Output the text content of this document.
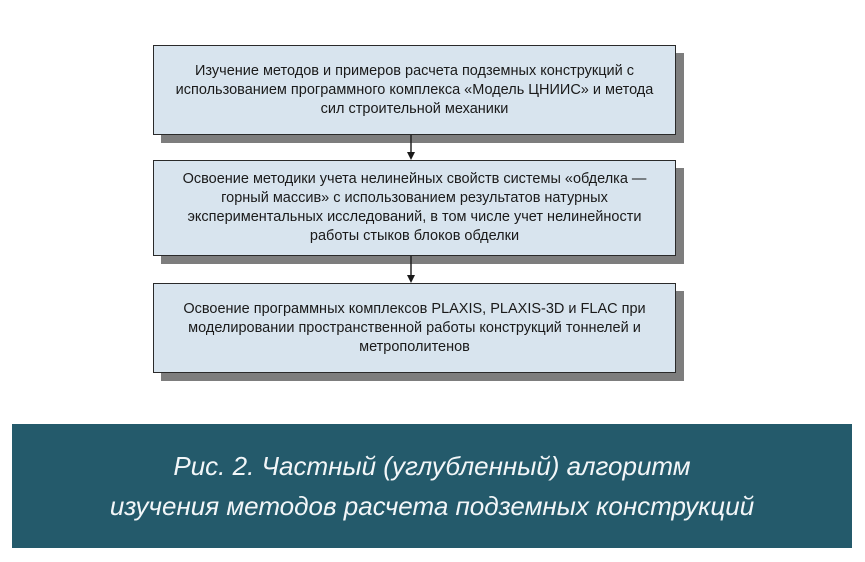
Изучение методов и примеров расчета подземных конструкций с использованием программного комплекса «Модель ЦНИИС» и метода сил строительной механики
Освоение методики учета нелинейных свойств системы «обделка — горный массив» с использованием результатов натурных экспериментальных исследований, в том числе учет нелинейности работы стыков блоков обделки
Освоение программных комплексов PLAXIS, PLAXIS-3D и FLAC при моделировании пространственной работы конструкций тоннелей и метрополитенов
Рис. 2. Частный (углубленный) алгоритм
изучения методов расчета подземных конструкций
